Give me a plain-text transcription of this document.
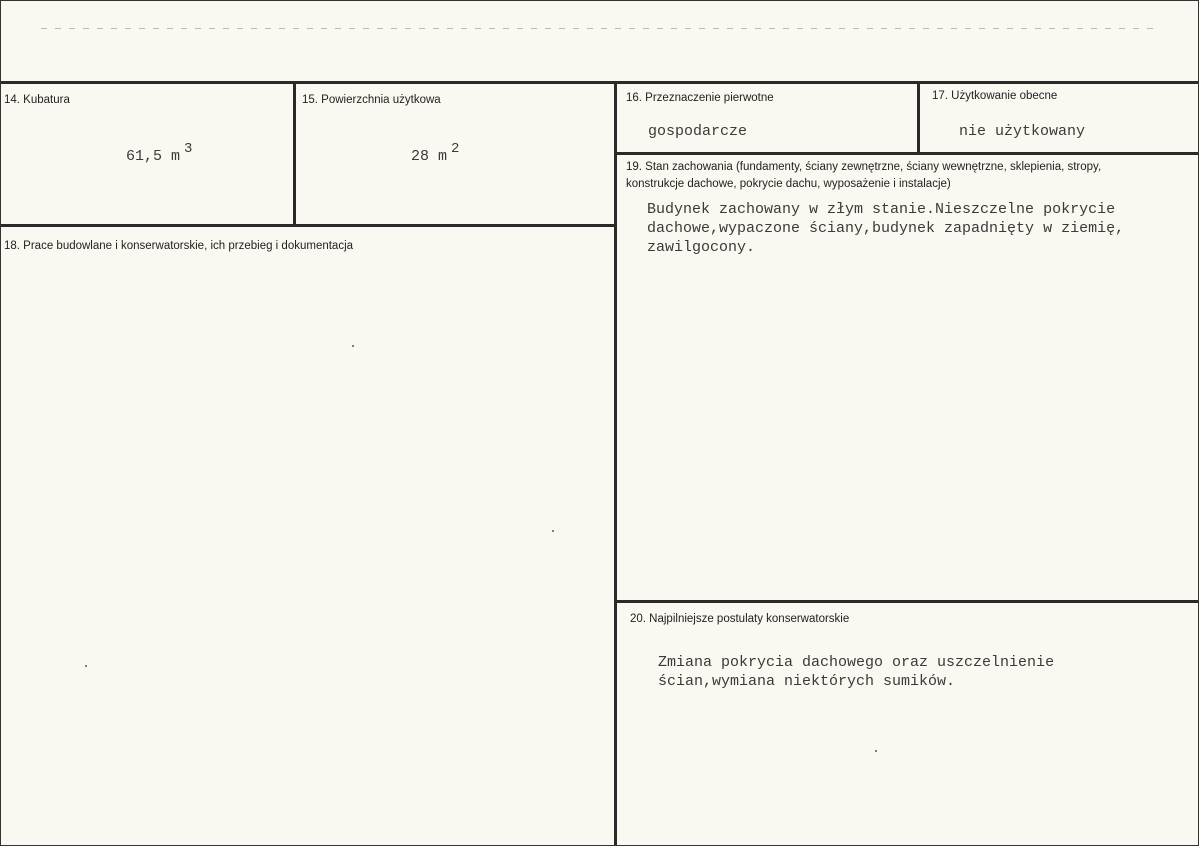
14. Kubatura
61,5 m $^3$
15. Powierzchnia użytkowa
28 m $^2$
16. Przeznaczenie pierwotne
gospodarcze
17. Użytkowanie obecne
nie użytkowany
18. Prace budowlane i konserwatorskie, ich przebieg i dokumentacja
19. Stan zachowania (fundamenty, ściany zewnętrzne, ściany wewnętrzne, sklepienia, stropy, konstrukcje dachowe, pokrycie dachu, wyposażenie i instalacje)
Budynek zachowany w złym stanie.Nieszczelne pokrycie
dachowe,wypaczone ściany,budynek zapadnięty w ziemię,
zawilgocony.
20. Najpilniejsze postulaty konserwatorskie
Zmiana pokrycia dachowego oraz uszczelnienie
ścian,wymiana niektórych sumików.
